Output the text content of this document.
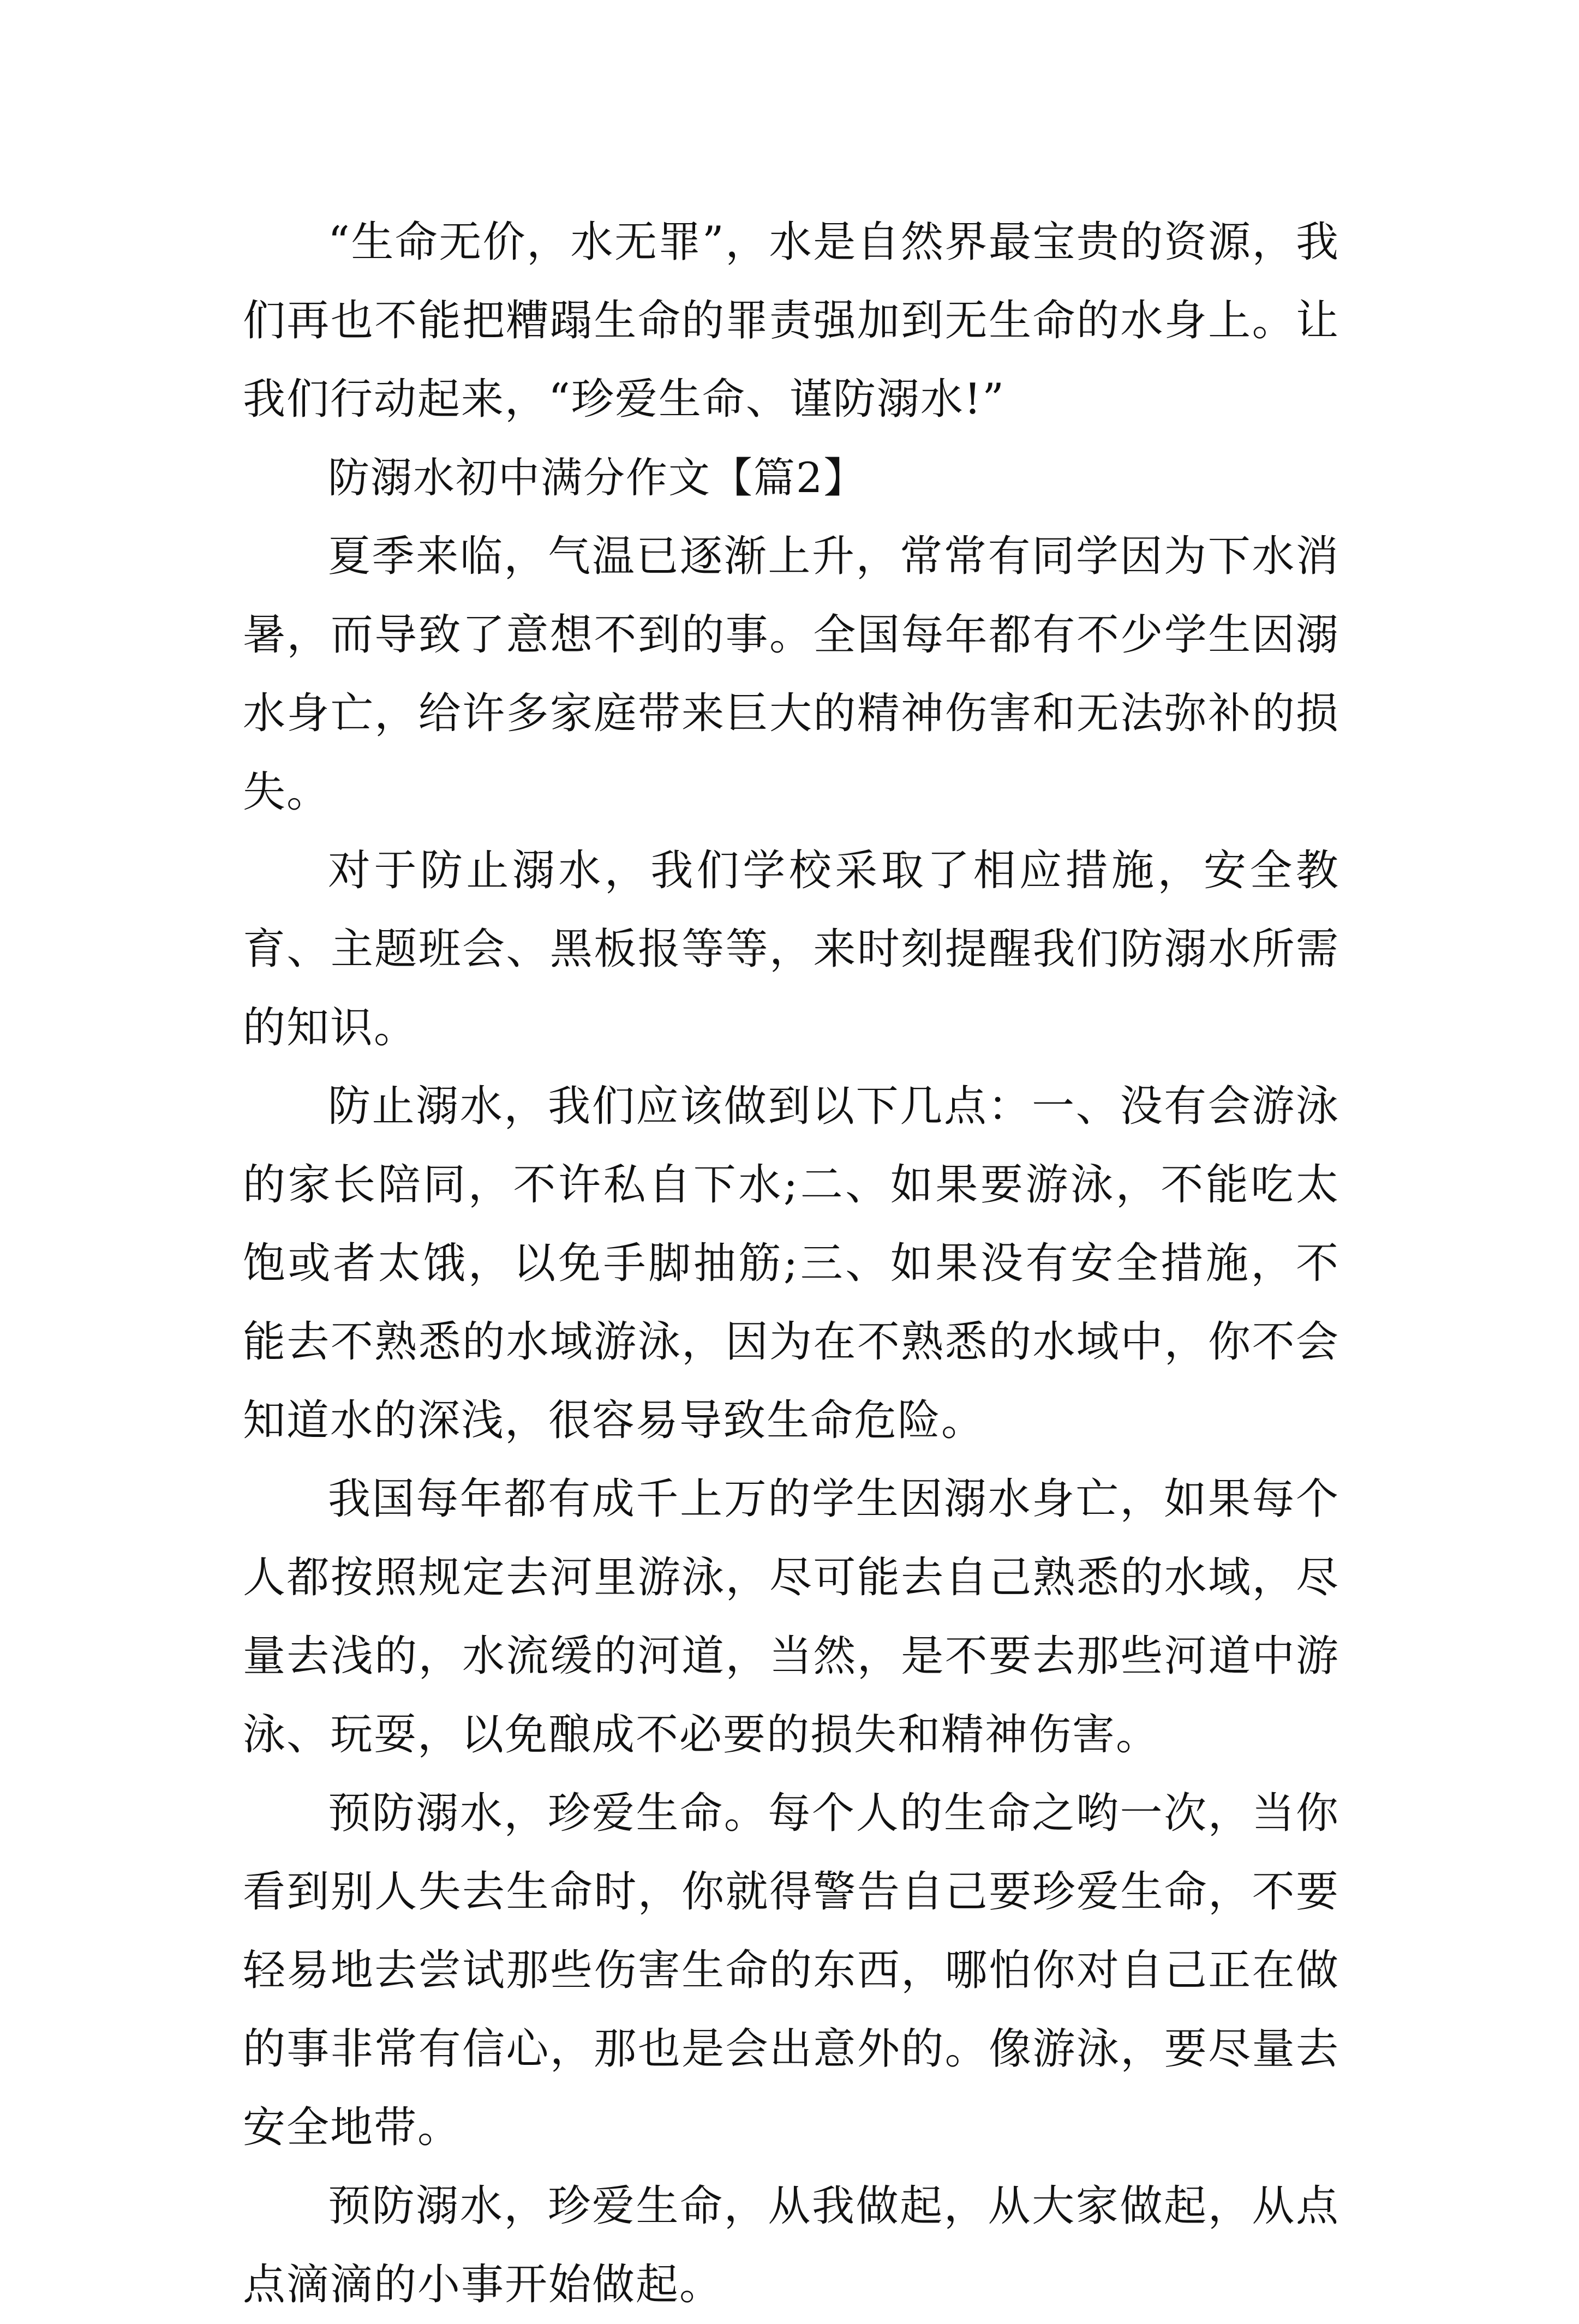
“生命无价，水无罪”，水是自然界最宝贵的资源，我们再也不能把糟蹋生命的罪责强加到无生命的水身上。让我们行动起来，“珍爱生命、谨防溺水!”

防溺水初中满分作文【篇2】

夏季来临，气温已逐渐上升，常常有同学因为下水消暑，而导致了意想不到的事。全国每年都有不少学生因溺水身亡，给许多家庭带来巨大的精神伤害和无法弥补的损失。

对于防止溺水，我们学校采取了相应措施，安全教育、主题班会、黑板报等等，来时刻提醒我们防溺水所需的知识。

防止溺水，我们应该做到以下几点：一、没有会游泳的家长陪同，不许私自下水;二、如果要游泳，不能吃太饱或者太饿，以免手脚抽筋;三、如果没有安全措施，不能去不熟悉的水域游泳，因为在不熟悉的水域中，你不会知道水的深浅，很容易导致生命危险。

我国每年都有成千上万的学生因溺水身亡，如果每个人都按照规定去河里游泳，尽可能去自己熟悉的水域，尽量去浅的，水流缓的河道，当然，是不要去那些河道中游泳、玩耍，以免酿成不必要的损失和精神伤害。

预防溺水，珍爱生命。每个人的生命之哟一次，当你看到别人失去生命时，你就得警告自己要珍爱生命，不要轻易地去尝试那些伤害生命的东西，哪怕你对自己正在做的事非常有信心，那也是会出意外的。像游泳，要尽量去安全地带。

预防溺水，珍爱生命，从我做起，从大家做起，从点点滴滴的小事开始做起。
